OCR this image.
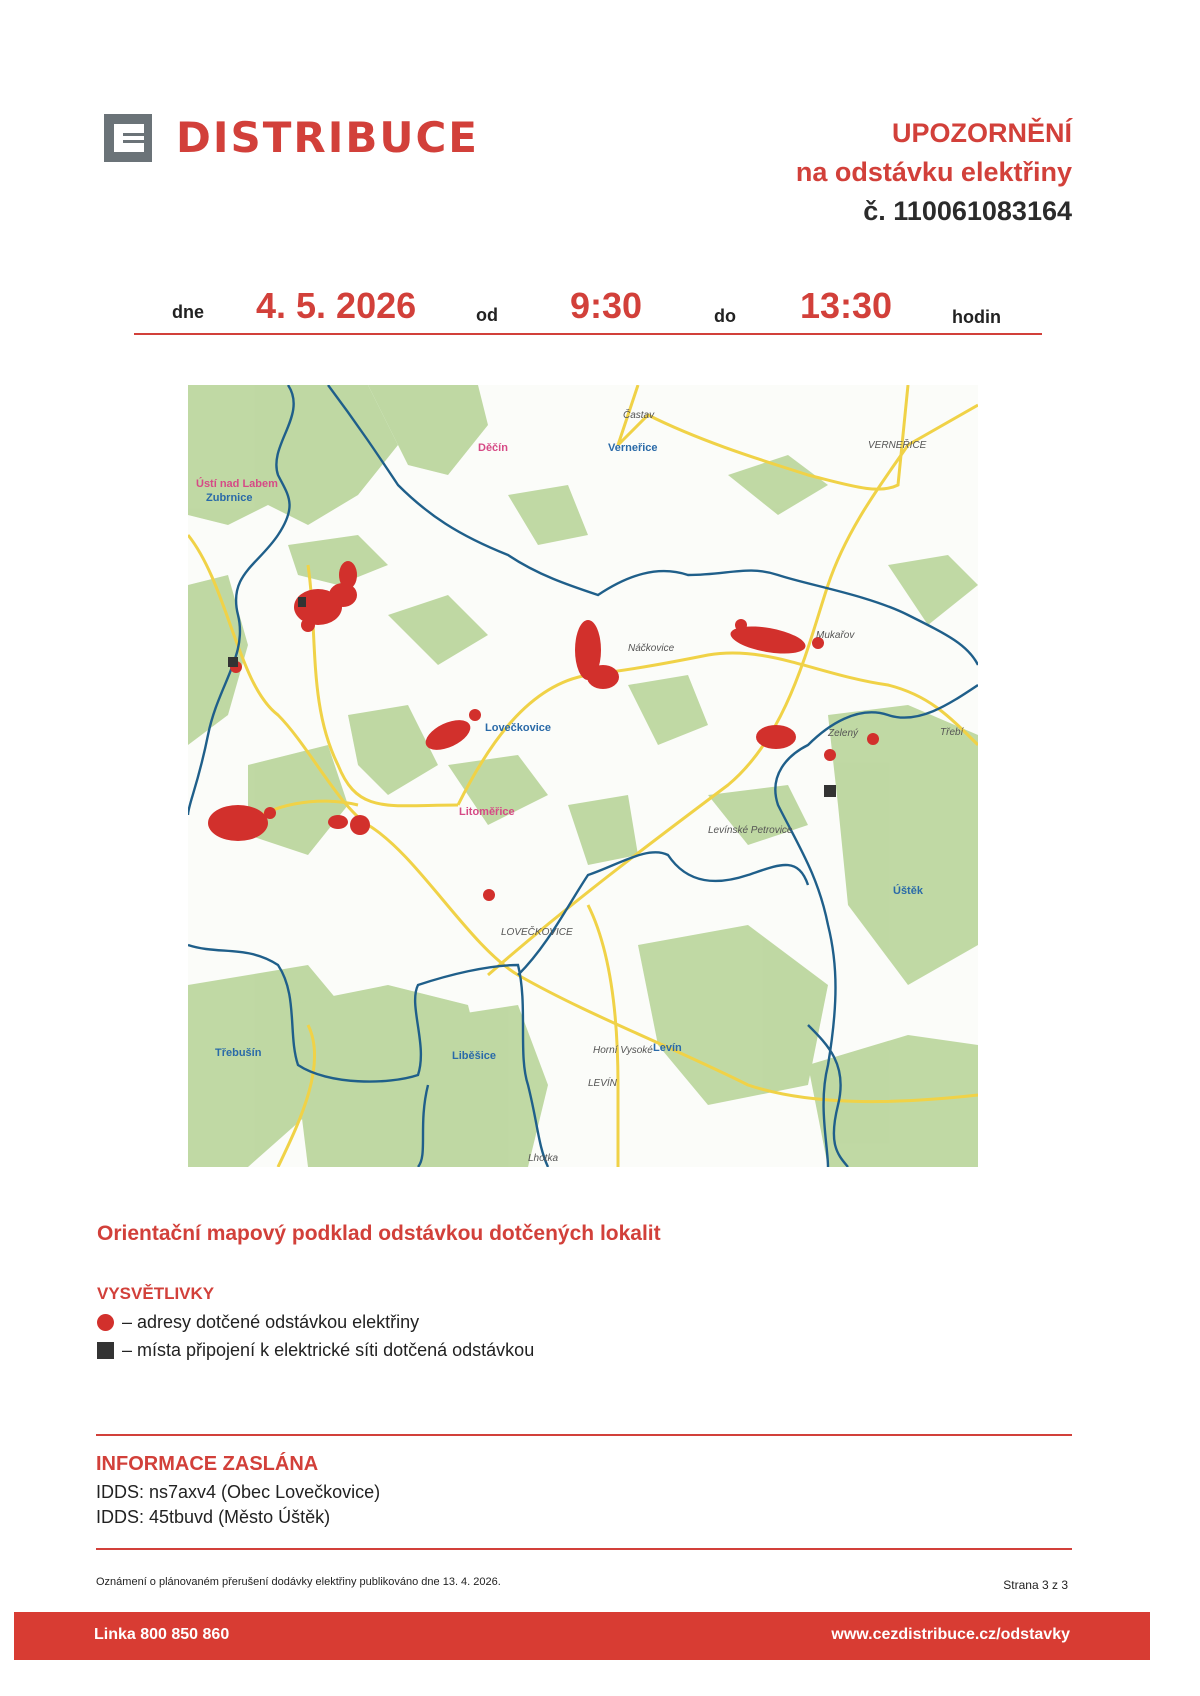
DISTRIBUCE	UPOZORNĚNÍ
na odstávku elektřiny
č. 110061083164
dne 4. 5. 2026	od 9:30	do 13:30	hodin
Děčín	Verneřice
Častav
VERNEŘICE
Ústí nad Labem
Zubrnice
Náčkovice
Mukařov
Lovečkovice	Zelený	Třebí
Litoměřice
Levínské Petrovice
Úštěk
LOVEČKOVICE
Třebušín	Liběšice
Levín
Horní Vysoké
LEVÍN
Lhotka
Orientační mapový podklad odstávkou dotčených lokalit
VYSVĚTLIVKY
– adresy dotčené odstávkou elektřiny
– místa připojení k elektrické síti dotčená odstávkou
INFORMACE ZASLÁNA
IDDS: ns7axv4 (Obec Lovečkovice)
IDDS: 45tbuvd (Město Úštěk)
Oznámení o plánovaném přerušení dodávky elektřiny publikováno dne 13. 4. 2026.	Strana 3 z 3
Linka 800 850 860	www.cezdistribuce.cz/odstavky
